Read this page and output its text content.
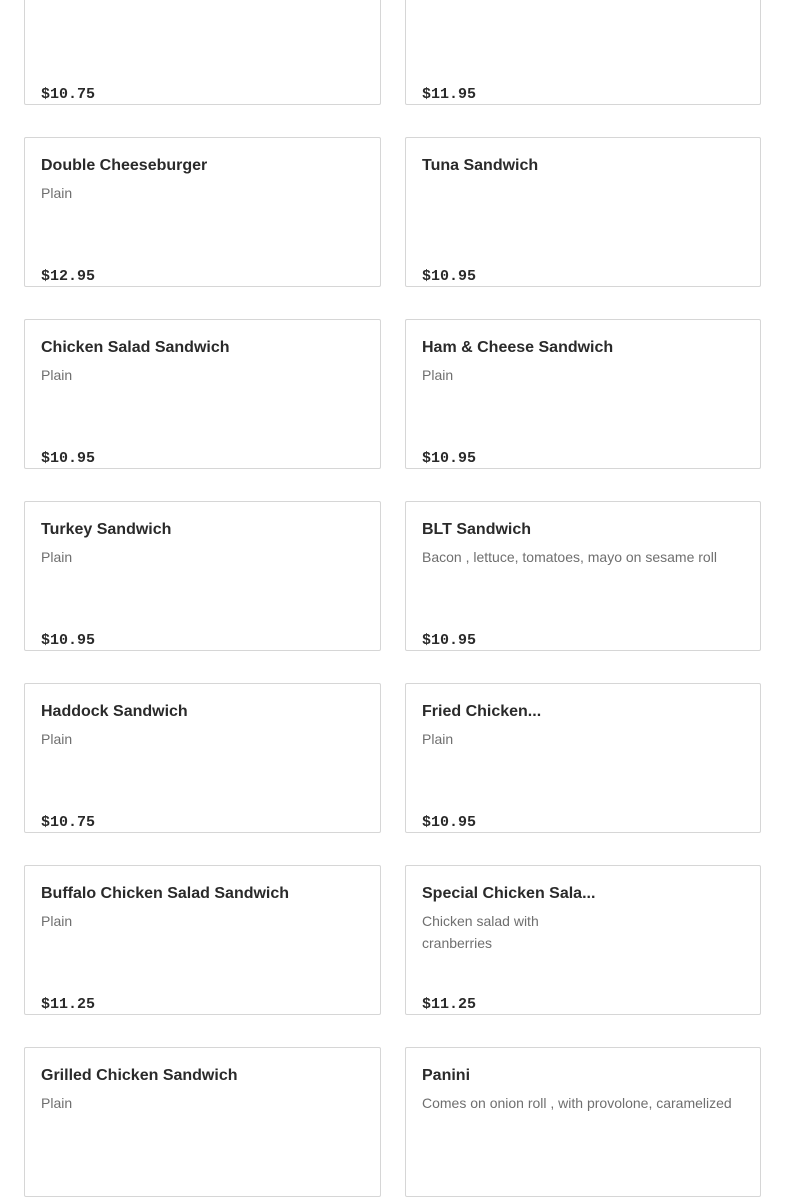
$10.75	$11.95
Double Cheeseburger
Plain
$12.95
Tuna Sandwich
$10.95
Chicken Salad Sandwich
Plain
$10.95
Ham & Cheese Sandwich
Plain
$10.95
Turkey Sandwich
Plain
$10.95
BLT Sandwich
Bacon , lettuce, tomatoes, mayo on sesame roll
$10.95
Haddock Sandwich
Plain
$10.75
Fried Chicken...
Plain
$10.95
Buffalo Chicken Salad Sandwich
Plain
$11.25
Special Chicken Sala...
Chicken salad with cranberries
$11.25
Grilled Chicken Sandwich
Plain
Panini
Comes on onion roll , with provolone, caramelized
